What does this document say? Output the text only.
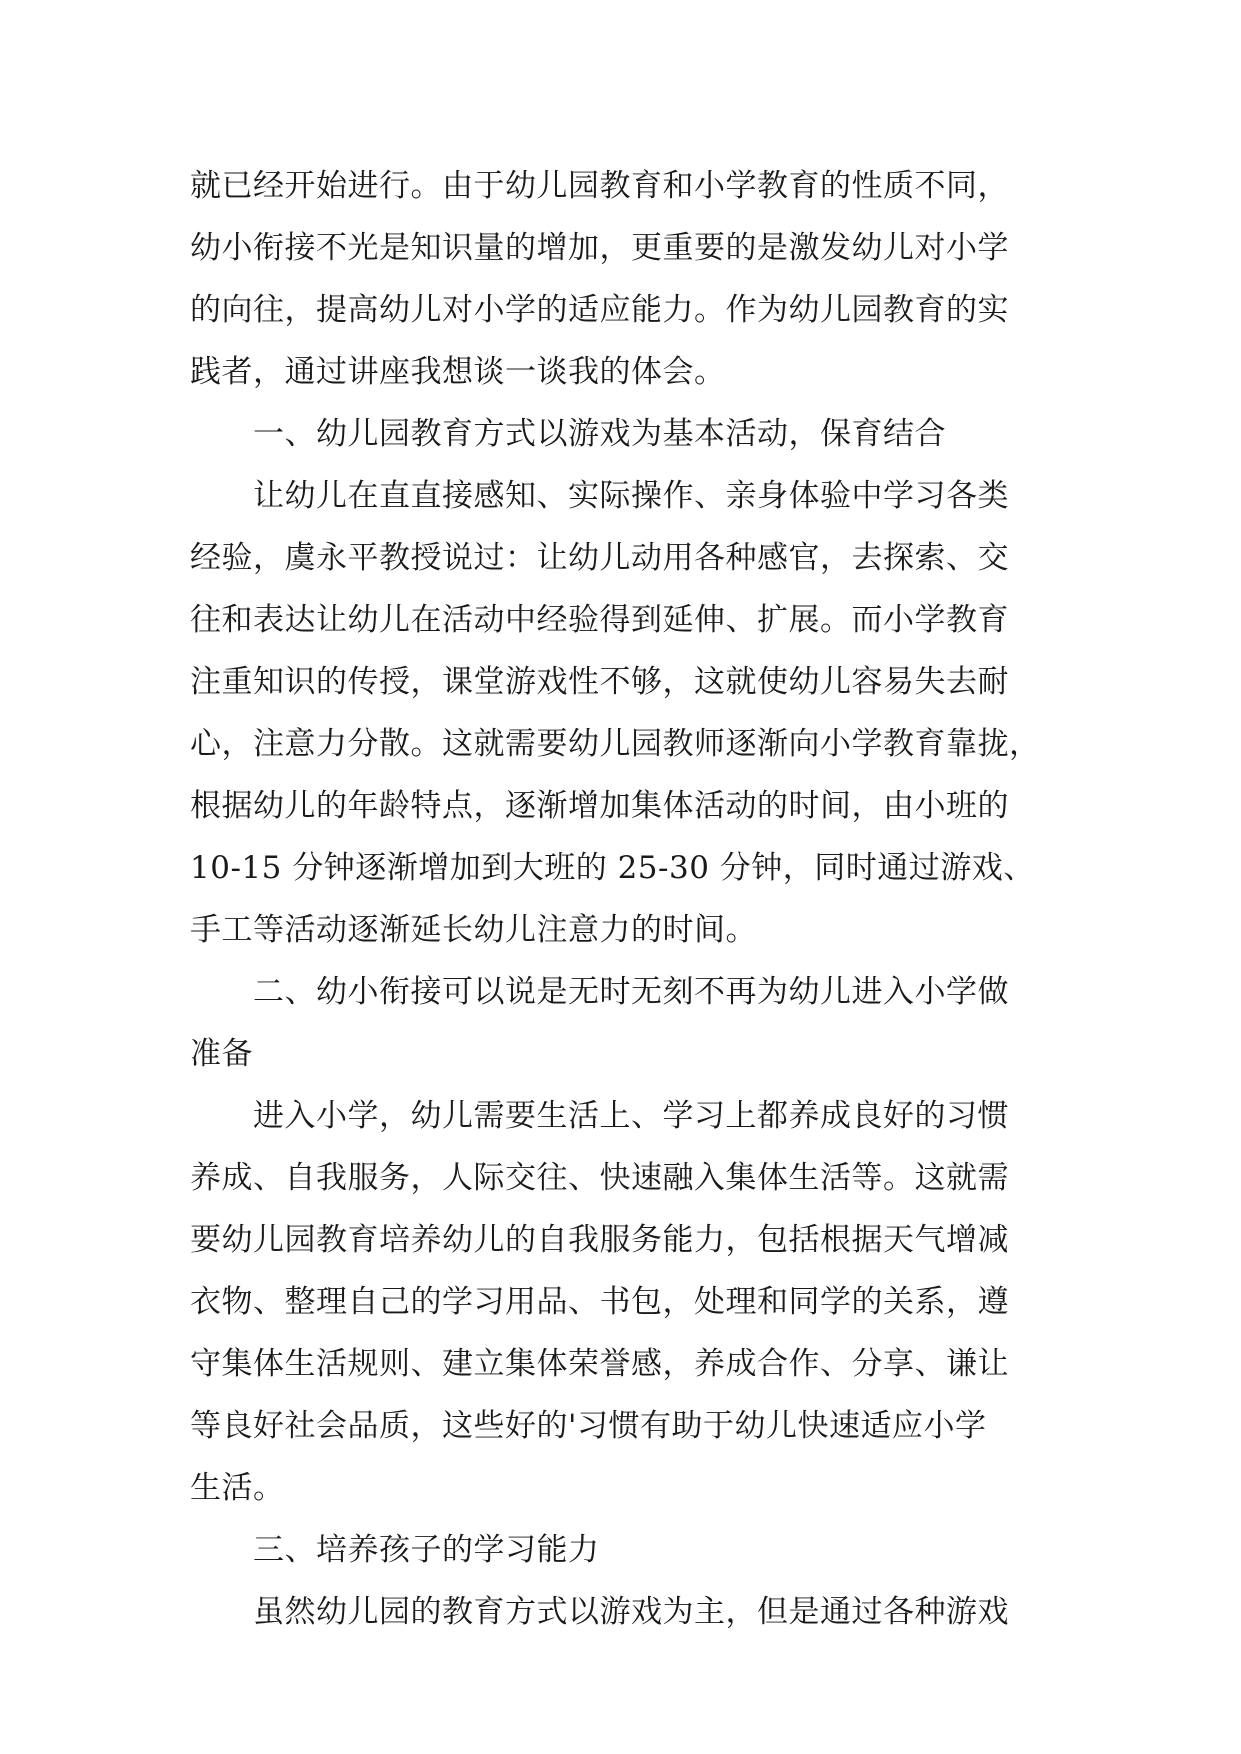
就已经开始进行。由于幼儿园教育和小学教育的性质不同，
幼小衔接不光是知识量的增加，更重要的是激发幼儿对小学
的向往，提高幼儿对小学的适应能力。作为幼儿园教育的实
践者，通过讲座我想谈一谈我的体会。
　　一、幼儿园教育方式以游戏为基本活动，保育结合
　　让幼儿在直直接感知、实际操作、亲身体验中学习各类
经验，虞永平教授说过：让幼儿动用各种感官，去探索、交
往和表达让幼儿在活动中经验得到延伸、扩展。而小学教育
注重知识的传授，课堂游戏性不够，这就使幼儿容易失去耐
心，注意力分散。这就需要幼儿园教师逐渐向小学教育靠拢，
根据幼儿的年龄特点，逐渐增加集体活动的时间，由小班的
10-15 分钟逐渐增加到大班的 25-30 分钟，同时通过游戏、
手工等活动逐渐延长幼儿注意力的时间。
　　二、幼小衔接可以说是无时无刻不再为幼儿进入小学做
准备
　　进入小学，幼儿需要生活上、学习上都养成良好的习惯
养成、自我服务，人际交往、快速融入集体生活等。这就需
要幼儿园教育培养幼儿的自我服务能力，包括根据天气增减
衣物、整理自己的学习用品、书包，处理和同学的关系，遵
守集体生活规则、建立集体荣誉感，养成合作、分享、谦让
等良好社会品质，这些好的'习惯有助于幼儿快速适应小学
生活。
　　三、培养孩子的学习能力
　　虽然幼儿园的教育方式以游戏为主，但是通过各种游戏
